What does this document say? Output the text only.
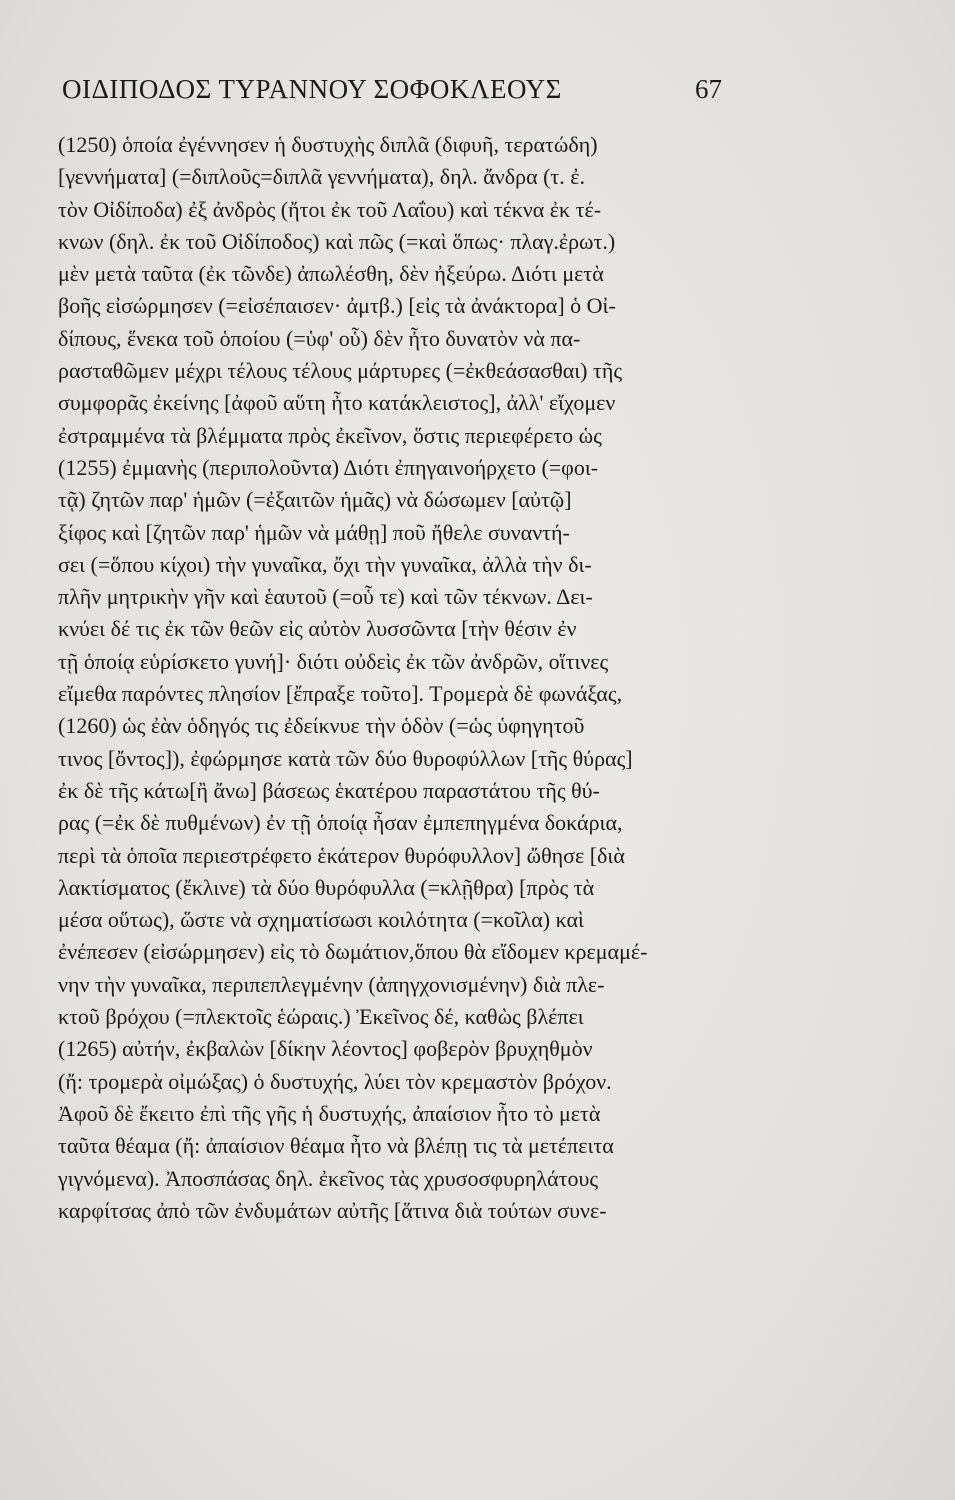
ΟΙΔΙΠΟΔΟΣ ΤΥΡΑΝΝΟΥ ΣΟΦΟΚΛΕΟΥΣ	67
(1250) ὁποία ἐγέννησεν ἡ δυστυχὴς διπλᾶ (διφυῆ, τερατώδη)
[γεννήματα] (=διπλοῦς=διπλᾶ γεννήματα), δηλ. ἄνδρα (τ. ἐ.
τὸν Οἰδίποδα) ἐξ ἀνδρὸς (ἤτοι ἐκ τοῦ Λαΐου) καὶ τέκνα ἐκ τέ-
κνων (δηλ. ἐκ τοῦ Οἰδίποδος) καὶ πῶς (=καὶ ὅπως· πλαγ.ἐρωτ.)
μὲν μετὰ ταῦτα (ἐκ τῶνδε) ἀπωλέσθη, δὲν ἠξεύρω. Διότι μετὰ
βοῆς εἰσώρμησεν (=εἰσέπαισεν· ἀμτβ.) [εἰς τὰ ἀνάκτορα] ὁ Οἰ-
δίπους, ἕνεκα τοῦ ὁποίου (=ὑφ' οὗ) δὲν ἦτο δυνατὸν νὰ πα-
ρασταθῶμεν μέχρι τέλους τέλους μάρτυρες (=ἐκθεάσασθαι) τῆς
συμφορᾶς ἐκείνης [ἀφοῦ αὕτη ἦτο κατάκλειστος], ἀλλ' εἴχομεν
ἐστραμμένα τὰ βλέμματα πρὸς ἐκεῖνον, ὅστις περιεφέρετο ὡς
(1255) ἐμμανὴς (περιπολοῦντα) Διότι ἐπηγαινοήρχετο (=φοι-
τᾷ) ζητῶν παρ' ἡμῶν (=ἐξαιτῶν ἡμᾶς) νὰ δώσωμεν [αὐτῷ]
ξίφος καὶ [ζητῶν παρ' ἡμῶν νὰ μάθῃ] ποῦ ἤθελε συναντή-
σει (=ὅπου κίχοι) τὴν γυναῖκα, ὄχι τὴν γυναῖκα, ἀλλὰ τὴν δι-
πλῆν μητρικὴν γῆν καὶ ἑαυτοῦ (=οὗ τε) καὶ τῶν τέκνων. Δει-
κνύει δέ τις ἐκ τῶν θεῶν εἰς αὐτὸν λυσσῶντα [τὴν θέσιν ἐν
τῇ ὁποίᾳ εὑρίσκετο γυνή]· διότι οὐδεὶς ἐκ τῶν ἀνδρῶν, οἵτινες
εἴμεθα παρόντες πλησίον [ἔπραξε τοῦτο]. Τρομερὰ δὲ φωνάξας,
(1260) ὡς ἐὰν ὁδηγός τις ἐδείκνυε τὴν ὁδὸν (=ὡς ὑφηγητοῦ
τινος [ὄντος]), ἐφώρμησε κατὰ τῶν δύο θυροφύλλων [τῆς θύρας]
ἐκ δὲ τῆς κάτω[ἢ ἄνω] βάσεως ἑκατέρου παραστάτου τῆς θύ-
ρας (=ἐκ δὲ πυθμένων) ἐν τῇ ὁποίᾳ ἦσαν ἐμπεπηγμένα δοκάρια,
περὶ τὰ ὁποῖα περιεστρέφετο ἑκάτερον θυρόφυλλον] ὤθησε [διὰ
λακτίσματος (ἔκλινε) τὰ δύο θυρόφυλλα (=κλῇθρα) [πρὸς τὰ
μέσα οὕτως), ὥστε νὰ σχηματίσωσι κοιλότητα (=κοῖλα) καὶ
ἐνέπεσεν (εἰσώρμησεν) εἰς τὸ δωμάτιον,ὅπου θὰ εἴδομεν κρεμαμέ-
νην τὴν γυναῖκα, περιπεπλεγμένην (ἀπηγχονισμένην) διὰ πλε-
κτοῦ βρόχου (=πλεκτοῖς ἑώραις.) Ἐκεῖνος δέ, καθὼς βλέπει
(1265) αὐτήν, ἐκβαλὼν [δίκην λέοντος] φοβερὸν βρυχηθμὸν
(ἤ: τρομερὰ οἰμώξας) ὁ δυστυχής, λύει τὸν κρεμαστὸν βρόχον.
Ἀφοῦ δὲ ἔκειτο ἐπὶ τῆς γῆς ἡ δυστυχής, ἀπαίσιον ἦτο τὸ μετὰ
ταῦτα θέαμα (ἤ: ἀπαίσιον θέαμα ἦτο νὰ βλέπῃ τις τὰ μετέπειτα
γιγνόμενα). Ἀποσπάσας δηλ. ἐκεῖνος τὰς χρυσοσφυρηλάτους
καρφίτσας ἀπὸ τῶν ἐνδυμάτων αὐτῆς [ἅτινα διὰ τούτων συνε-
